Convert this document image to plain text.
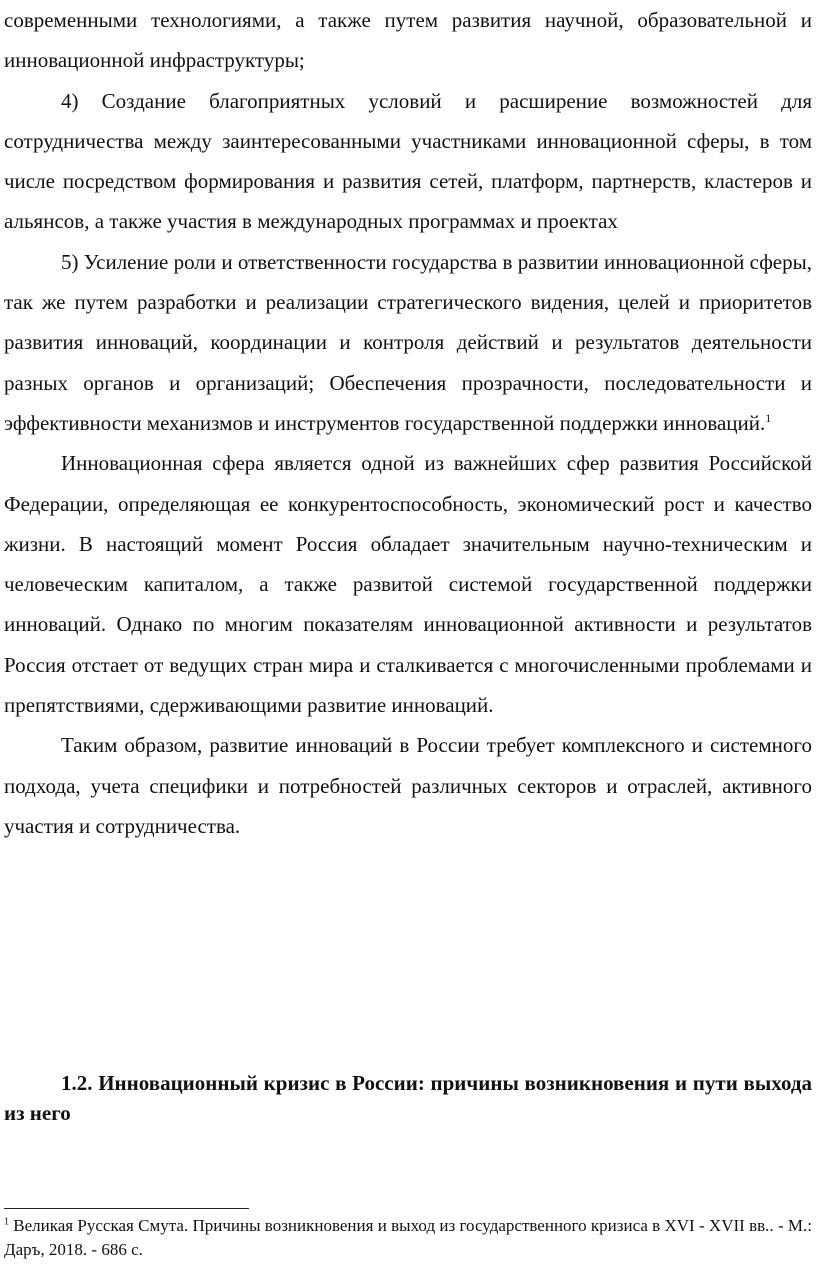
современными технологиями, а также путем развития научной, образовательной и инновационной инфраструктуры;

4) Создание благоприятных условий и расширение возможностей для сотрудничества между заинтересованными участниками инновационной сферы, в том числе посредством формирования и развития сетей, платформ, партнерств, кластеров и альянсов, а также участия в международных программах и проектах

5) Усиление роли и ответственности государства в развитии инновационной сферы, так же путем разработки и реализации стратегического видения, целей и приоритетов развития инноваций, координации и контроля действий и результатов деятельности разных органов и организаций; Обеспечения прозрачности, последовательности и эффективности механизмов и инструментов государственной поддержки инноваций.$^1$

Инновационная сфера является одной из важнейших сфер развития Российской Федерации, определяющая ее конкурентоспособность, экономический рост и качество жизни. В настоящий момент Россия обладает значительным научно-техническим и человеческим капиталом, а также развитой системой государственной поддержки инноваций. Однако по многим показателям инновационной активности и результатов Россия отстает от ведущих стран мира и сталкивается с многочисленными проблемами и препятствиями, сдерживающими развитие инноваций.

Таким образом, развитие инноваций в России требует комплексного и системного подхода, учета специфики и потребностей различных секторов и отраслей, активного участия и сотрудничества.

1.2. Инновационный кризис в России: причины возникновения и пути выхода из него

$^1$ Великая Русская Смута. Причины возникновения и выход из государственного кризиса в XVI - XVII вв.. - М.: Даръ, 2018. - 686 с.
